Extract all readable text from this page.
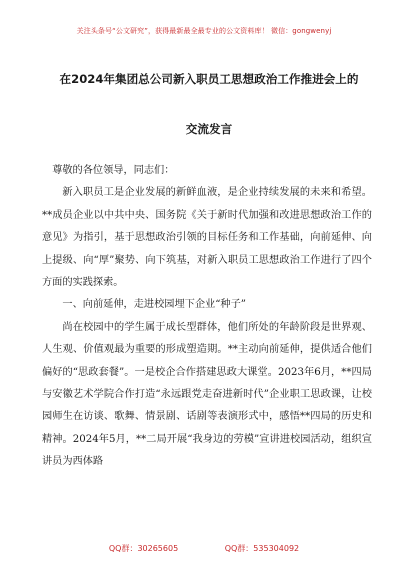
关注头条号“公文研究”，获得最新最全最专业的公文资料库！ 微信：gongwenyj
在2024年集团总公司新入职员工思想政治工作推进会上的
交流发言

尊敬的各位领导，同志们：

新入职员工是企业发展的新鲜血液，是企业持续发展的未来和希望。**成员企业以中共中央、国务院《关于新时代加强和改进思想政治工作的意见》为指引，基于思想政治引领的目标任务和工作基础，向前延伸、向上提级、向“厚”聚势、向下筑基，对新入职员工思想政治工作进行了四个方面的实践探索。

一、向前延伸，走进校园埋下企业“种子”

尚在校园中的学生属于成长型群体，他们所处的年龄阶段是世界观、人生观、价值观最为重要的形成塑造期。**主动向前延伸，提供适合他们偏好的“思政套餐”。一是校企合作搭建思政大课堂。2023年6月，**四局与安徽艺术学院合作打造“永远跟党走奋进新时代”企业职工思政课，让校园师生在访谈、歌舞、情景剧、话剧等表演形式中，感悟**四局的历史和精神。2024年5月，**二局开展“我身边的劳模”宣讲进校园活动，组织宣讲员为西体路

QQ群：30265605	QQ群：535304092
